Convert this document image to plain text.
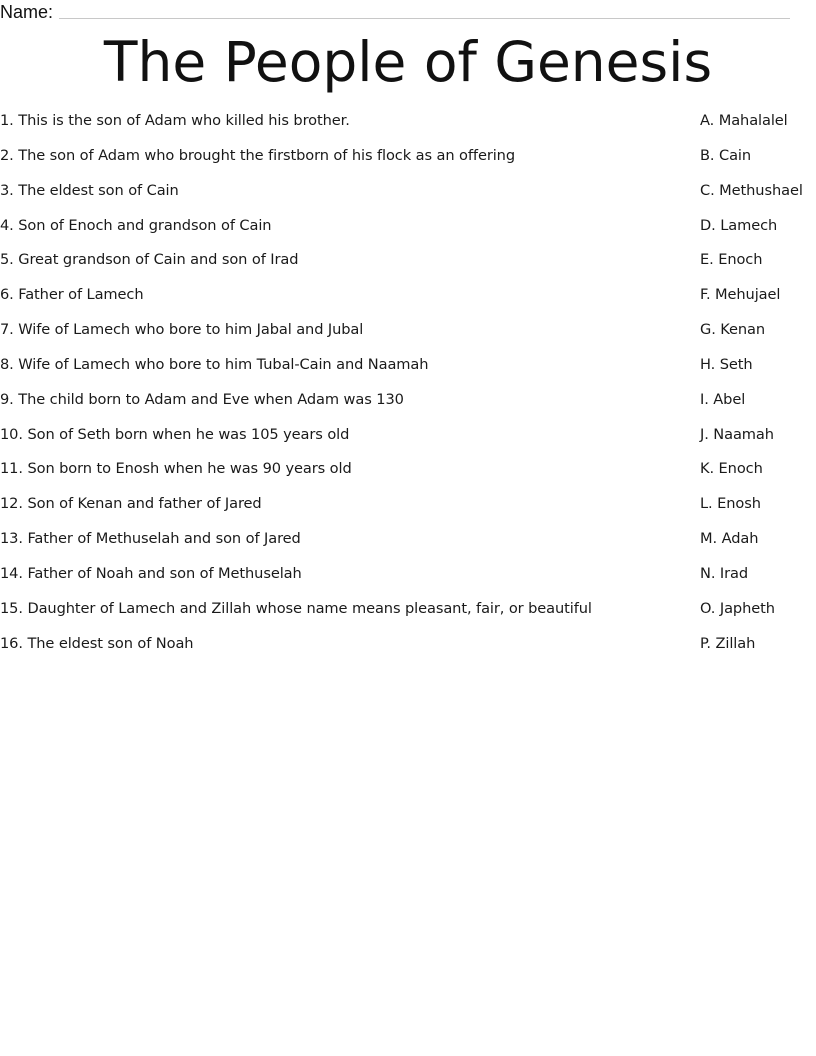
Name:
The People of Genesis
1. This is the son of Adam who killed his brother.
2. The son of Adam who brought the firstborn of his flock as an offering
3. The eldest son of Cain
4. Son of Enoch and grandson of Cain
5. Great grandson of Cain and son of Irad
6. Father of Lamech
7. Wife of Lamech who bore to him Jabal and Jubal
8. Wife of Lamech who bore to him Tubal-Cain and Naamah
9. The child born to Adam and Eve when Adam was 130
10. Son of Seth born when he was 105 years old
11. Son born to Enosh when he was 90 years old
12. Son of Kenan and father of Jared
13. Father of Methuselah and son of Jared
14. Father of Noah and son of Methuselah
15. Daughter of Lamech and Zillah whose name means pleasant, fair, or beautiful
16. The eldest son of Noah
A. Mahalalel
B. Cain
C. Methushael
D. Lamech
E. Enoch
F. Mehujael
G. Kenan
H. Seth
I. Abel
J. Naamah
K. Enoch
L. Enosh
M. Adah
N. Irad
O. Japheth
P. Zillah
